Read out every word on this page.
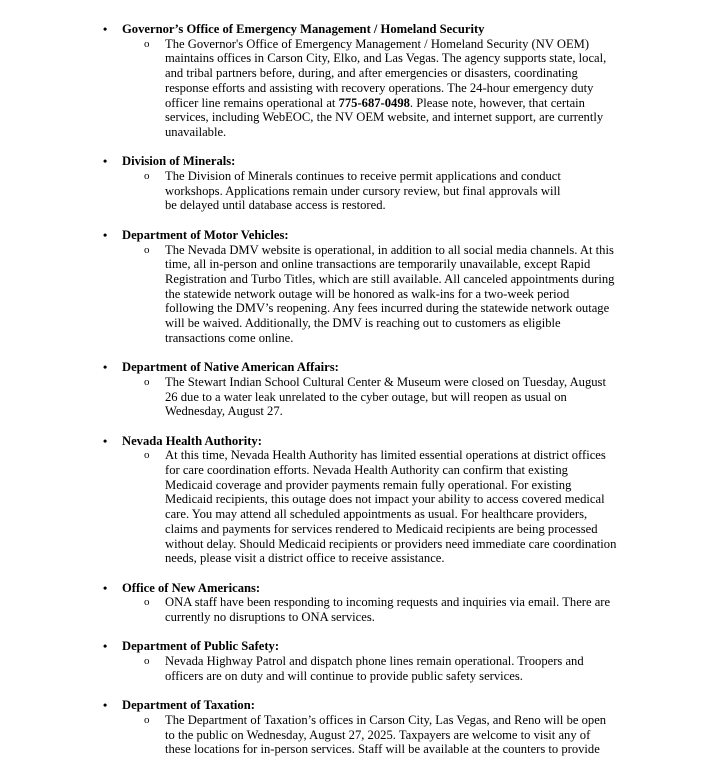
• Governor’s Office of Emergency Management / Homeland Security
o The Governor's Office of Emergency Management / Homeland Security (NV OEM)
maintains offices in Carson City, Elko, and Las Vegas. The agency supports state, local,
and tribal partners before, during, and after emergencies or disasters, coordinating
response efforts and assisting with recovery operations. The 24-hour emergency duty
officer line remains operational at 775-687-0498. Please note, however, that certain
services, including WebEOC, the NV OEM website, and internet support, are currently
unavailable.
• Division of Minerals:
o The Division of Minerals continues to receive permit applications and conduct
workshops. Applications remain under cursory review, but final approvals will
be delayed until database access is restored.
• Department of Motor Vehicles:
o The Nevada DMV website is operational, in addition to all social media channels. At this
time, all in-person and online transactions are temporarily unavailable, except Rapid
Registration and Turbo Titles, which are still available. All canceled appointments during
the statewide network outage will be honored as walk-ins for a two-week period
following the DMV’s reopening. Any fees incurred during the statewide network outage
will be waived. Additionally, the DMV is reaching out to customers as eligible
transactions come online.
• Department of Native American Affairs:
o The Stewart Indian School Cultural Center & Museum were closed on Tuesday, August
26 due to a water leak unrelated to the cyber outage, but will reopen as usual on
Wednesday, August 27.
• Nevada Health Authority:
o At this time, Nevada Health Authority has limited essential operations at district offices
for care coordination efforts. Nevada Health Authority can confirm that existing
Medicaid coverage and provider payments remain fully operational. For existing
Medicaid recipients, this outage does not impact your ability to access covered medical
care. You may attend all scheduled appointments as usual. For healthcare providers,
claims and payments for services rendered to Medicaid recipients are being processed
without delay. Should Medicaid recipients or providers need immediate care coordination
needs, please visit a district office to receive assistance.
• Office of New Americans:
o ONA staff have been responding to incoming requests and inquiries via email. There are
currently no disruptions to ONA services.
• Department of Public Safety:
o Nevada Highway Patrol and dispatch phone lines remain operational. Troopers and
officers are on duty and will continue to provide public safety services.
• Department of Taxation:
o The Department of Taxation’s offices in Carson City, Las Vegas, and Reno will be open
to the public on Wednesday, August 27, 2025. Taxpayers are welcome to visit any of
these locations for in-person services. Staff will be available at the counters to provide
